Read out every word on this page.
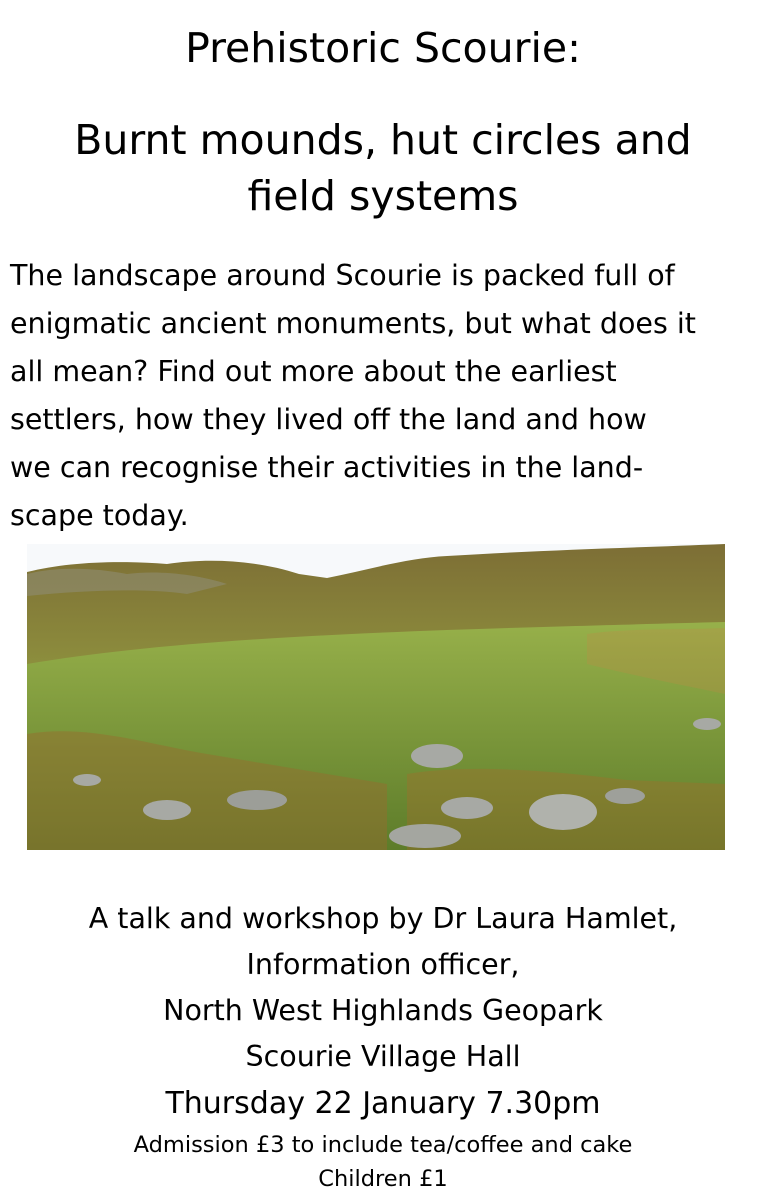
Prehistoric Scourie:
Burnt mounds, hut circles and
field systems

The landscape around Scourie is packed full of
enigmatic ancient monuments, but what does it
all mean? Find out more about the earliest
settlers, how they lived off the land and how
we can recognise their activities in the land-
scape today.

A talk and workshop by Dr Laura Hamlet,
Information officer,
North West Highlands Geopark
Scourie Village Hall
Thursday 22 January 7.30pm
Admission £3 to include tea/coffee and cake
Children £1
